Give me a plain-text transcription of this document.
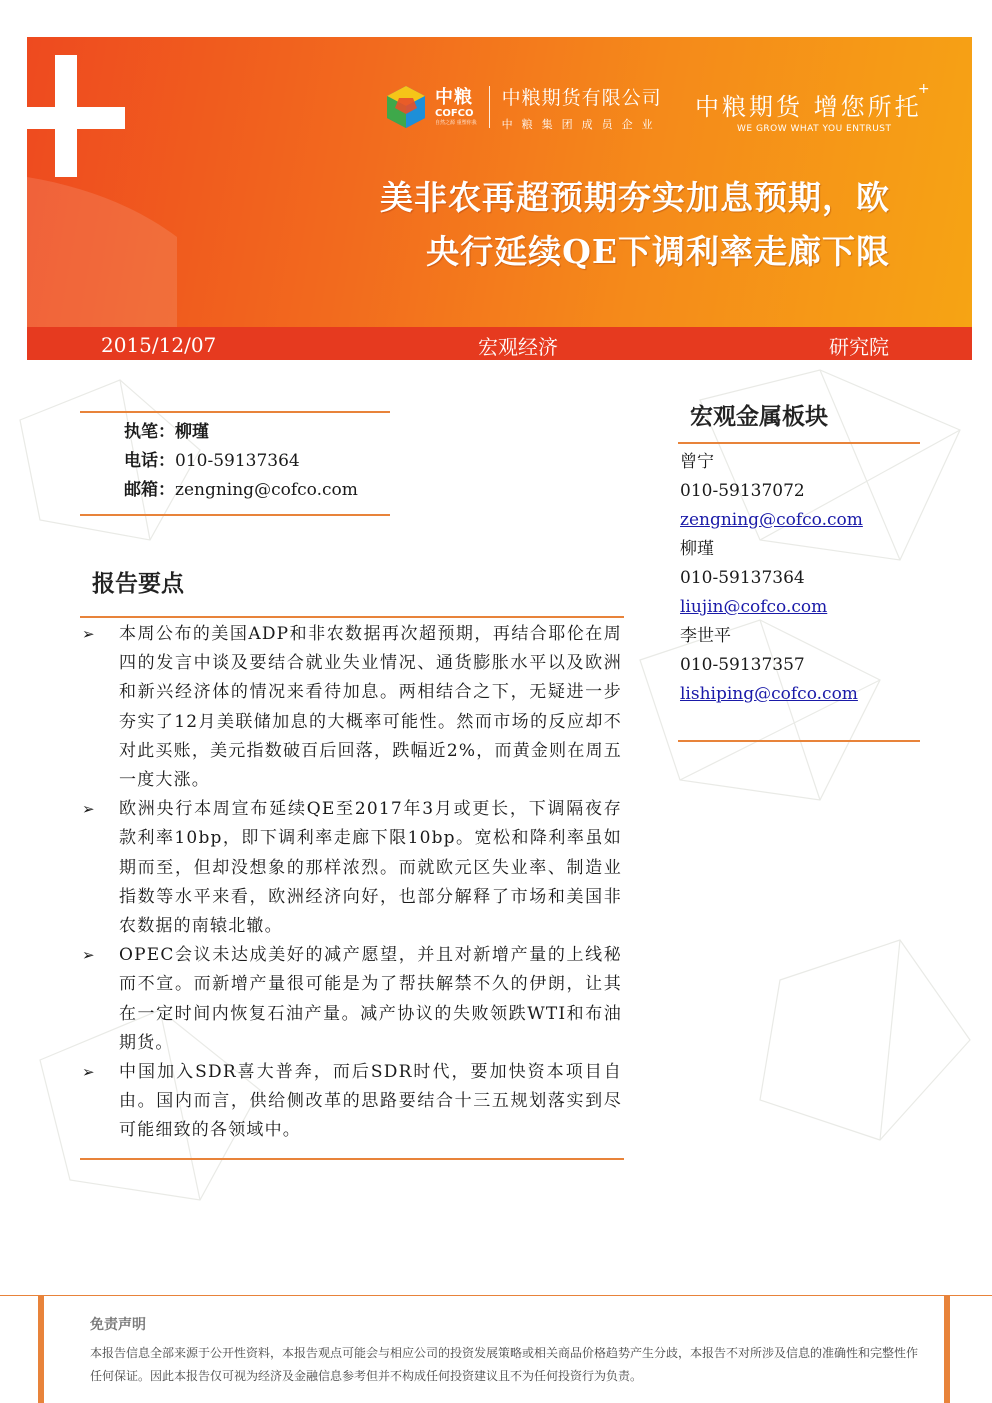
中粮
COFCO
自然之源 重塑你我
中粮期货有限公司
中粮集团成员企业
中粮期货 增您所托
+
WE GROW WHAT YOU ENTRUST
美非农再超预期夯实加息预期，欧
央行延续QE下调利率走廊下限
2015/12/07	宏观经济	研究院
执笔：柳瑾
电话：010-59137364
邮箱：zengning@cofco.com
报告要点
➢ 本周公布的美国ADP和非农数据再次超预期，再结合耶伦在周四的发言中谈及要结合就业失业情况、通货膨胀水平以及欧洲和新兴经济体的情况来看待加息。两相结合之下，无疑进一步夯实了12月美联储加息的大概率可能性。然而市场的反应却不对此买账，美元指数破百后回落，跌幅近2%，而黄金则在周五一度大涨。
➢ 欧洲央行本周宣布延续QE至2017年3月或更长，下调隔夜存款利率10bp，即下调利率走廊下限10bp。宽松和降利率虽如期而至，但却没想象的那样浓烈。而就欧元区失业率、制造业指数等水平来看，欧洲经济向好，也部分解释了市场和美国非农数据的南辕北辙。
➢ OPEC会议未达成美好的减产愿望，并且对新增产量的上线秘而不宣。而新增产量很可能是为了帮扶解禁不久的伊朗，让其在一定时间内恢复石油产量。减产协议的失败领跌WTI和布油期货。
➢ 中国加入SDR喜大普奔，而后SDR时代，要加快资本项目自由。国内而言，供给侧改革的思路要结合十三五规划落实到尽可能细致的各领域中。
宏观金属板块
曾宁
010-59137072
zengning@cofco.com
柳瑾
010-59137364
liujin@cofco.com
李世平
010-59137357
lishiping@cofco.com
免责声明
本报告信息全部来源于公开性资料，本报告观点可能会与相应公司的投资发展策略或相关商品价格趋势产生分歧，本报告不对所涉及信息的准确性和完整性作任何保证。因此本报告仅可视为经济及金融信息参考但并不构成任何投资建议且不为任何投资行为负责。
